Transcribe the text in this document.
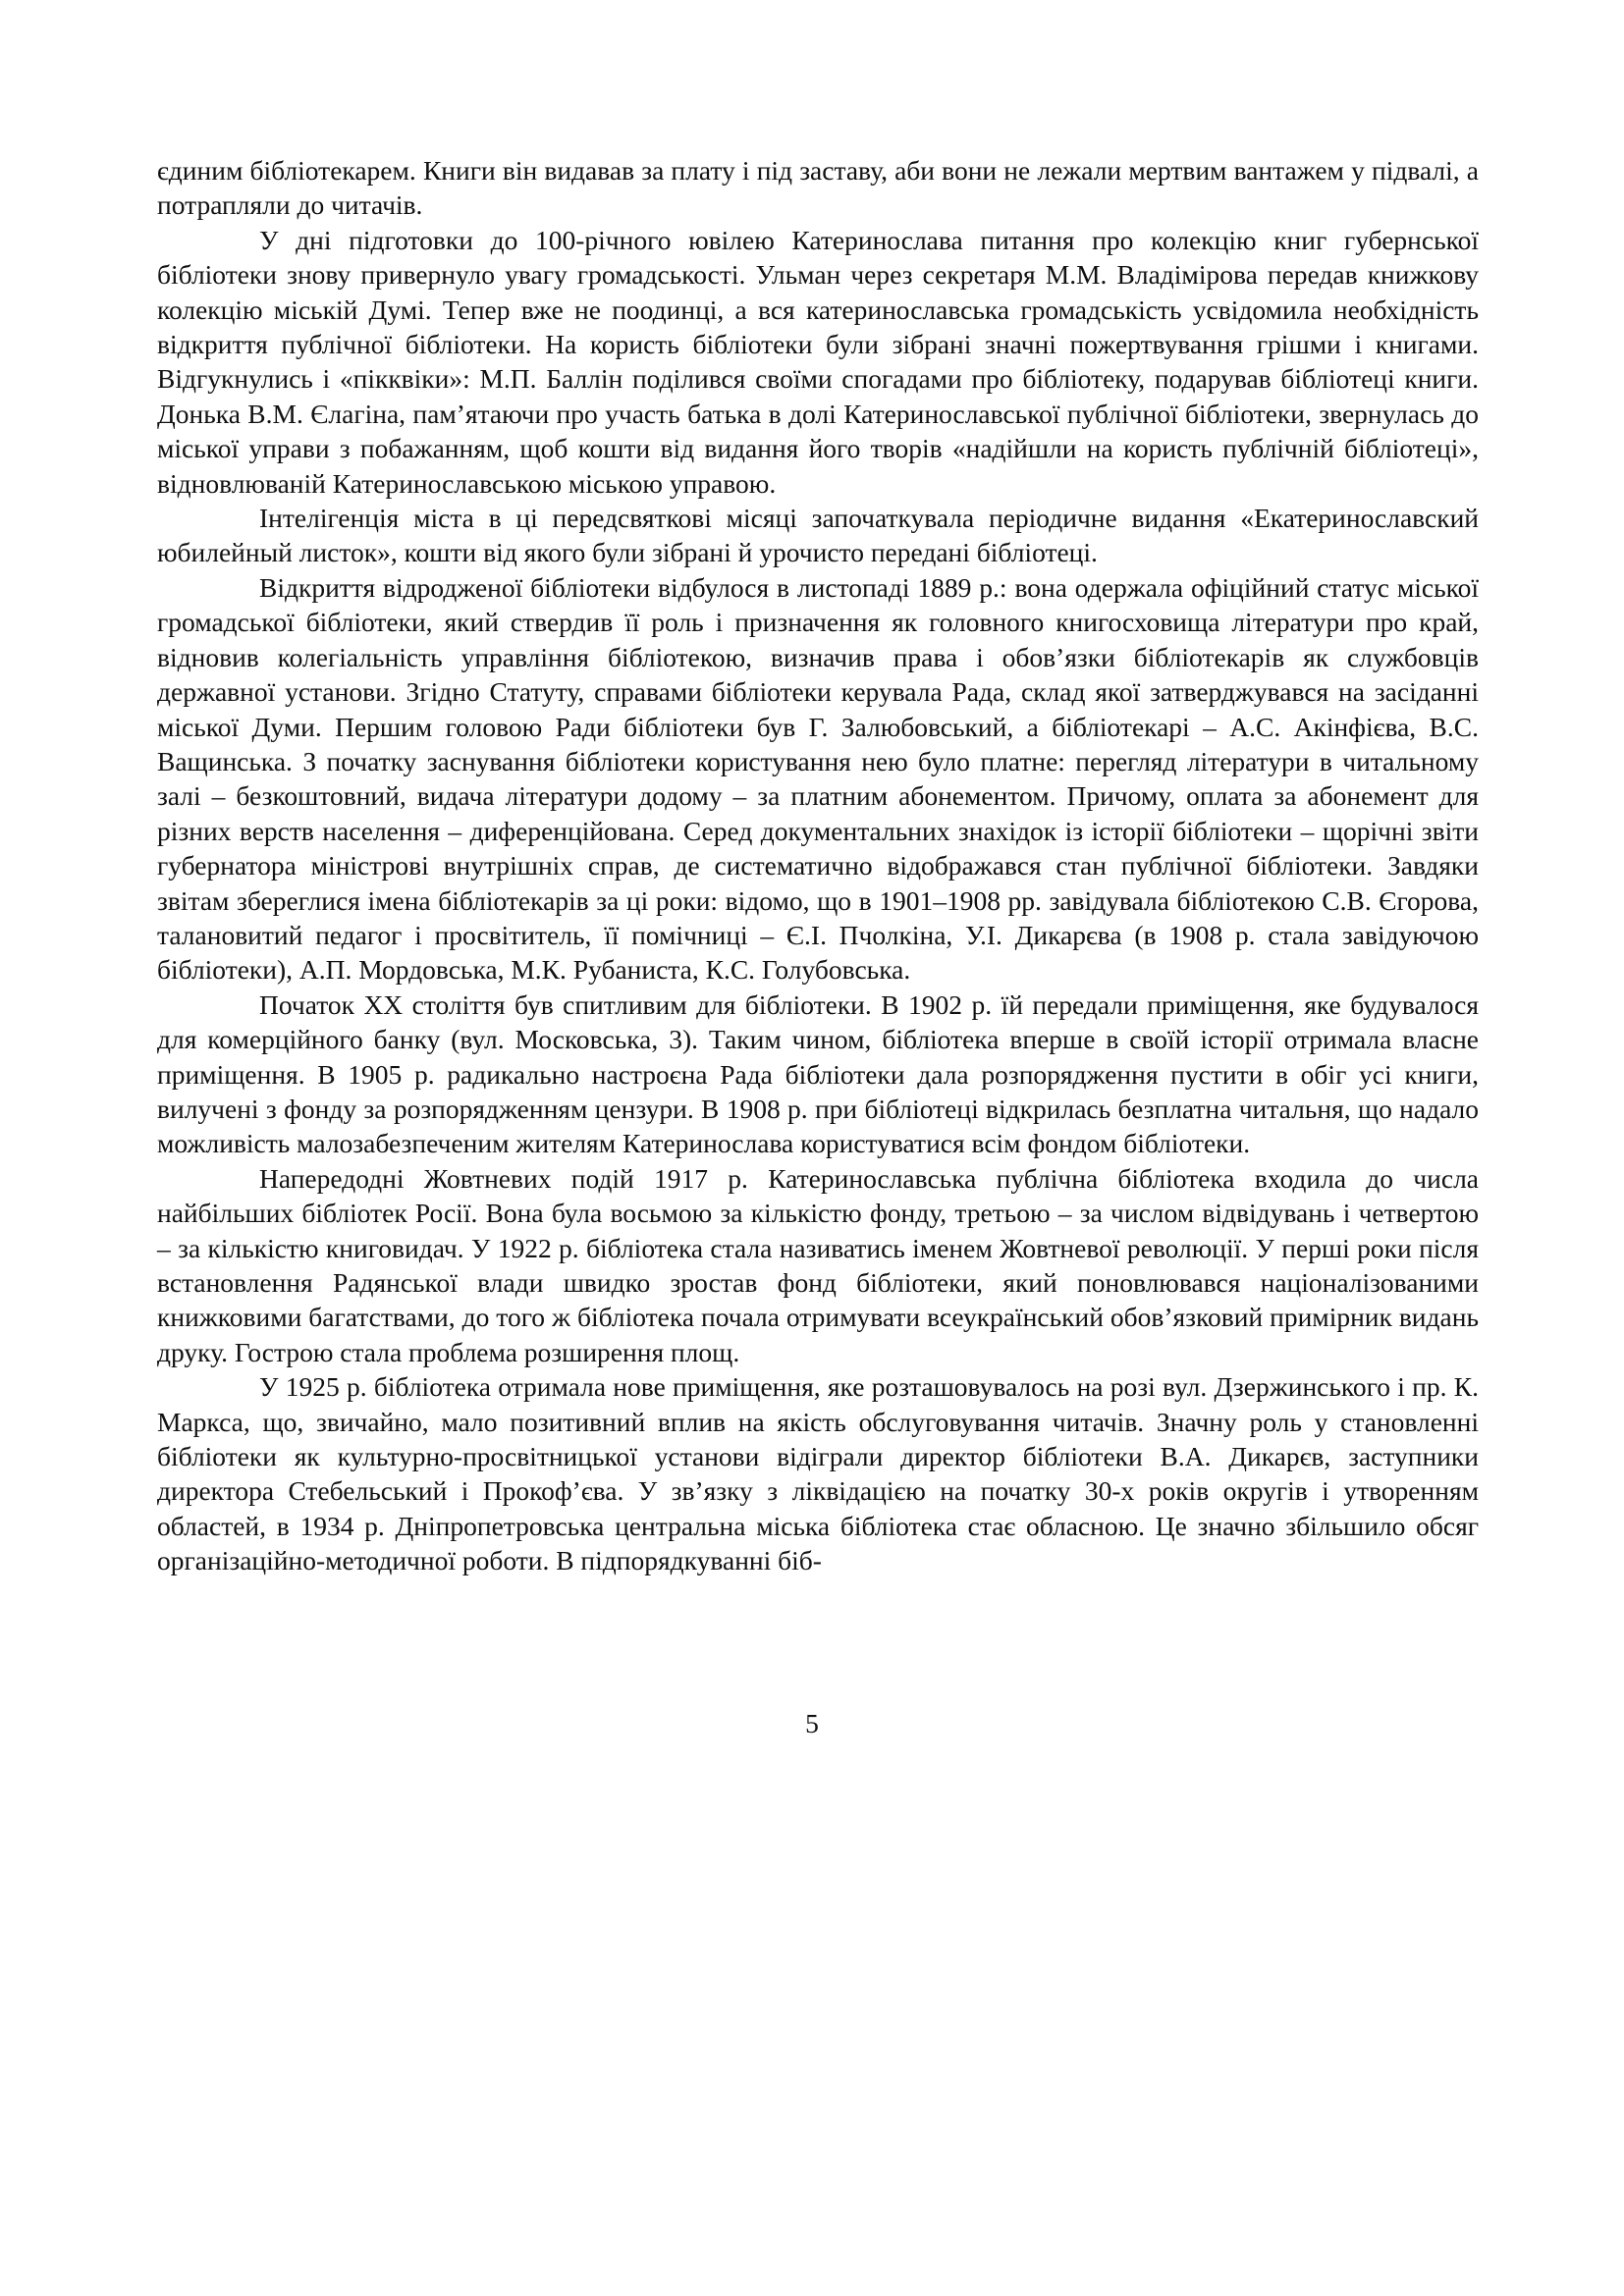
єдиним бібліотекарем. Книги він видавав за плату і під заставу, аби вони не лежали мертвим вантажем у підвалі, а потрапляли до читачів.

У дні підготовки до 100-річного ювілею Катеринослава питання про колекцію книг губернської бібліотеки знову привернуло увагу громадськості. Ульман через секретаря М.М. Владімірова передав книжкову колекцію міській Думі. Тепер вже не поодинці, а вся катеринославська громадськість усвідомила необхідність відкриття публічної бібліотеки. На користь бібліотеки були зібрані значні пожертвування грішми і книгами. Відгукнулись і «пікквіки»: М.П. Баллін поділився своїми спогадами про бібліотеку, подарував бібліотеці книги. Донька В.М. Єлагіна, пам’ятаючи про участь батька в долі Катеринославської публічної бібліотеки, звернулась до міської управи з побажанням, щоб кошти від видання його творів «надійшли на користь публічній бібліотеці», відновлюваній Катеринославською міською управою.

Інтелігенція міста в ці передсвяткові місяці започаткувала періодичне видання «Екатеринославский юбилейный листок», кошти від якого були зібрані й урочисто передані бібліотеці.

Відкриття відродженої бібліотеки відбулося в листопаді 1889 р.: вона одержала офіційний статус міської громадської бібліотеки, який ствердив її роль і призначення як головного книгосховища літератури про край, відновив колегіальність управління бібліотекою, визначив права і обов’язки бібліотекарів як службовців державної установи. Згідно Статуту, справами бібліотеки керувала Рада, склад якої затверджувався на засіданні міської Думи. Першим головою Ради бібліотеки був Г. Залюбовський, а бібліотекарі – А.С. Акінфієва, В.С. Ващинська. З початку заснування бібліотеки користування нею було платне: перегляд літератури в читальному залі – безкоштовний, видача літератури додому – за платним абонементом. Причому, оплата за абонемент для різних верств населення – диференційована. Серед документальних знахідок із історії бібліотеки – щорічні звіти губернатора міністрові внутрішніх справ, де систематично відображався стан публічної бібліотеки. Завдяки звітам збереглися імена бібліотекарів за ці роки: відомо, що в 1901–1908 рр. завідувала бібліотекою С.В. Єгорова, талановитий педагог і просвітитель, її помічниці – Є.І. Пчолкіна, У.І. Дикарєва (в 1908 р. стала завідуючою бібліотеки), А.П. Мордовська, М.К. Рубаниста, К.С. Голубовська.

Початок XX століття був спитливим для бібліотеки. В 1902 р. їй передали приміщення, яке будувалося для комерційного банку (вул. Московська, 3). Таким чином, бібліотека вперше в своїй історії отримала власне приміщення. В 1905 р. радикально настроєна Рада бібліотеки дала розпорядження пустити в обіг усі книги, вилучені з фонду за розпорядженням цензури. В 1908 р. при бібліотеці відкрилась безплатна читальня, що надало можливість малозабезпеченим жителям Катеринослава користуватися всім фондом бібліотеки.

Напередодні Жовтневих подій 1917 р. Катеринославська публічна бібліотека входила до числа найбільших бібліотек Росії. Вона була восьмою за кількістю фонду, третьою – за числом відвідувань і четвертою – за кількістю книговидач. У 1922 р. бібліотека стала називатись іменем Жовтневої революції. У перші роки після встановлення Радянської влади швидко зростав фонд бібліотеки, який поновлювався націоналізованими книжковими багатствами, до того ж бібліотека почала отримувати всеукраїнський обов’язковий примірник видань друку. Гострою стала проблема розширення площ.

У 1925 р. бібліотека отримала нове приміщення, яке розташовувалось на розі вул. Дзержинського і пр. К. Маркса, що, звичайно, мало позитивний вплив на якість обслуговування читачів. Значну роль у становленні бібліотеки як культурно-просвітницької установи відіграли директор бібліотеки В.А. Дикарєв, заступники директора Стебельський і Прокоф’єва. У зв’язку з ліквідацією на початку 30-х років округів і утворенням областей, в 1934 р. Дніпропетровська центральна міська бібліотека стає обласною. Це значно збільшило обсяг організаційно-методичної роботи. В підпорядкуванні біб-

5
